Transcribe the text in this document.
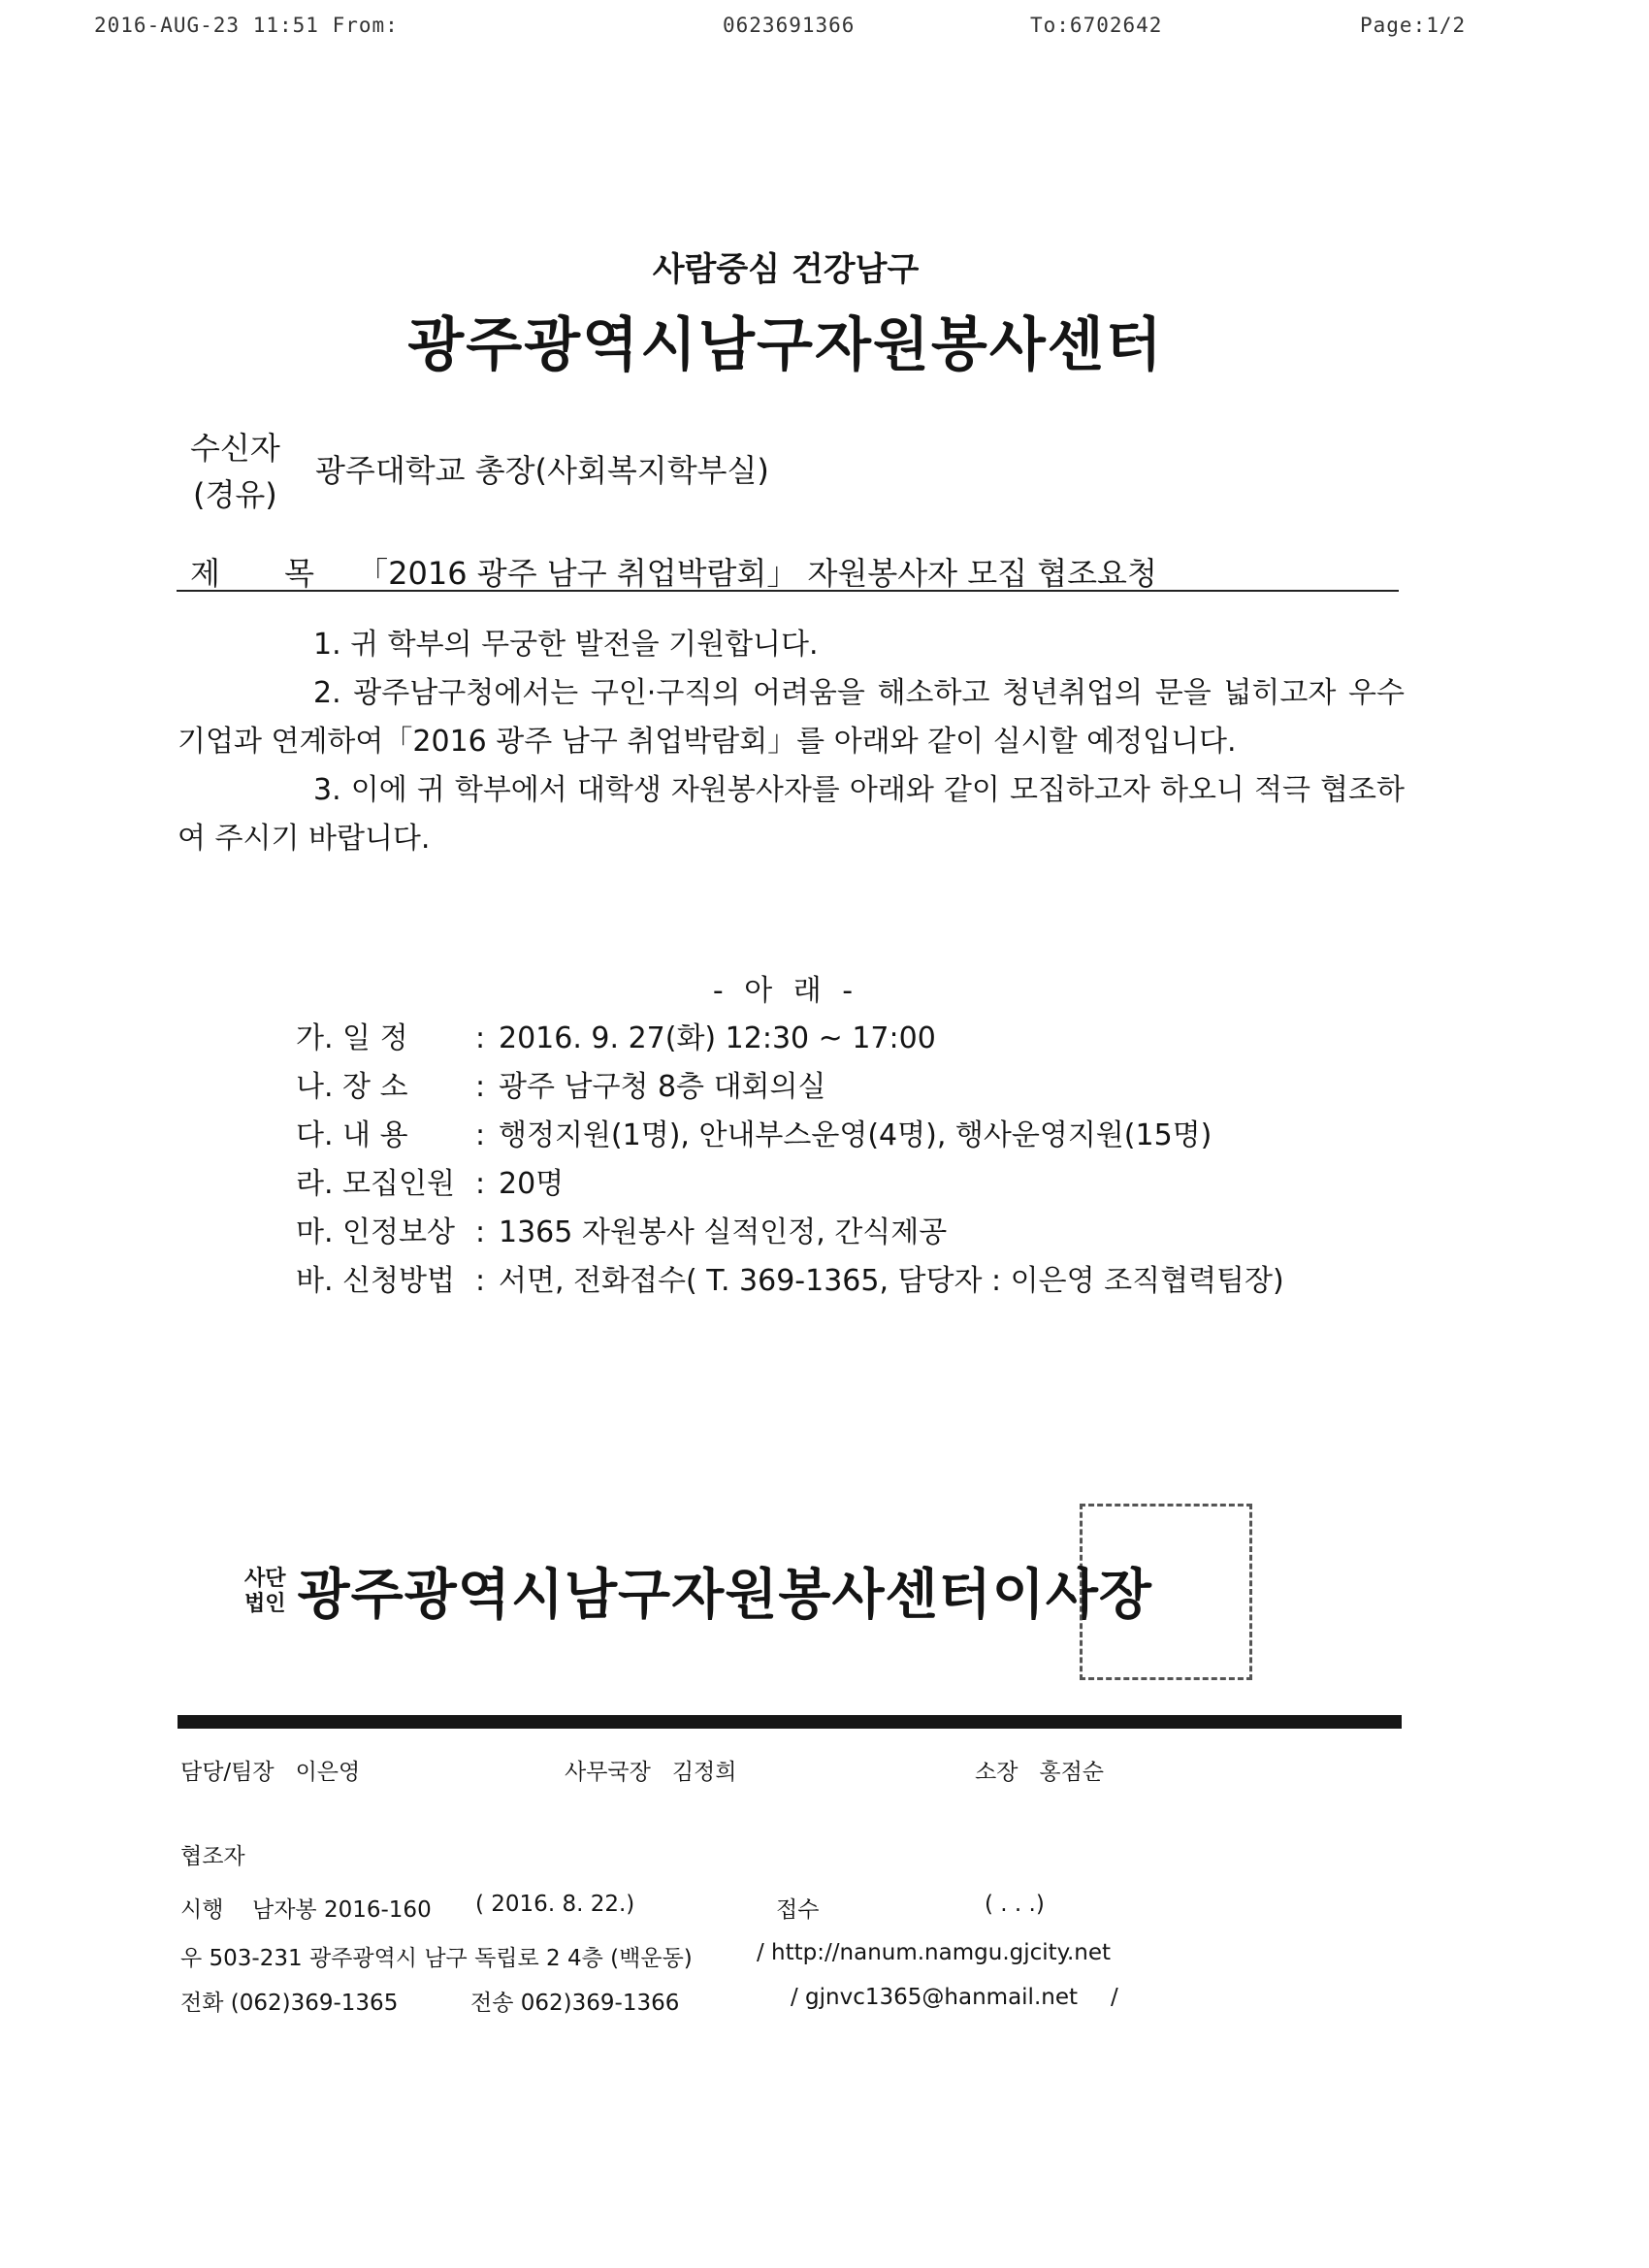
2016-AUG-23 11:51 From:	0623691366	To:6702642	Page:1/2
사람중심 건강남구
광주광역시남구자원봉사센터
수신자
(경유)
광주대학교 총장(사회복지학부실)
제 목 「2016 광주 남구 취업박람회」 자원봉사자 모집 협조요청

1. 귀 학부의 무궁한 발전을 기원합니다.

2. 광주남구청에서는 구인·구직의 어려움을 해소하고 청년취업의 문을 넓히고자 우수기업과 연계하여「2016 광주 남구 취업박람회」를 아래와 같이 실시할 예정입니다.

3. 이에 귀 학부에서 대학생 자원봉사자를 아래와 같이 모집하고자 하오니 적극 협조하여 주시기 바랍니다.

- 아 래 -
가. 일 정	: 2016. 9. 27(화) 12:30 ~ 17:00
나. 장 소	: 광주 남구청 8층 대회의실
다. 내 용	: 행정지원(1명), 안내부스운영(4명), 행사운영지원(15명)
라. 모집인원 : 20명
마. 인정보상 : 1365 자원봉사 실적인정, 간식제공
바. 신청방법 : 서면, 전화접수( T. 369-1365, 담당자 : 이은영 조직협력팀장)
사단
법인 광주광역시남구자원봉사센터이사장
담당/팀장 이은영	사무국장 김정희	소장 홍점순
협조자
시행 남자봉 2016-160 ( 2016. 8. 22.)	접수	( . . .)
우 503-231 광주광역시 남구 독립로 2 4층 (백운동)	/ http://nanum.namgu.gjcity.net
전화 (062)369-1365	전송 062)369-1366	/ gjnvc1365@hanmail.net /
